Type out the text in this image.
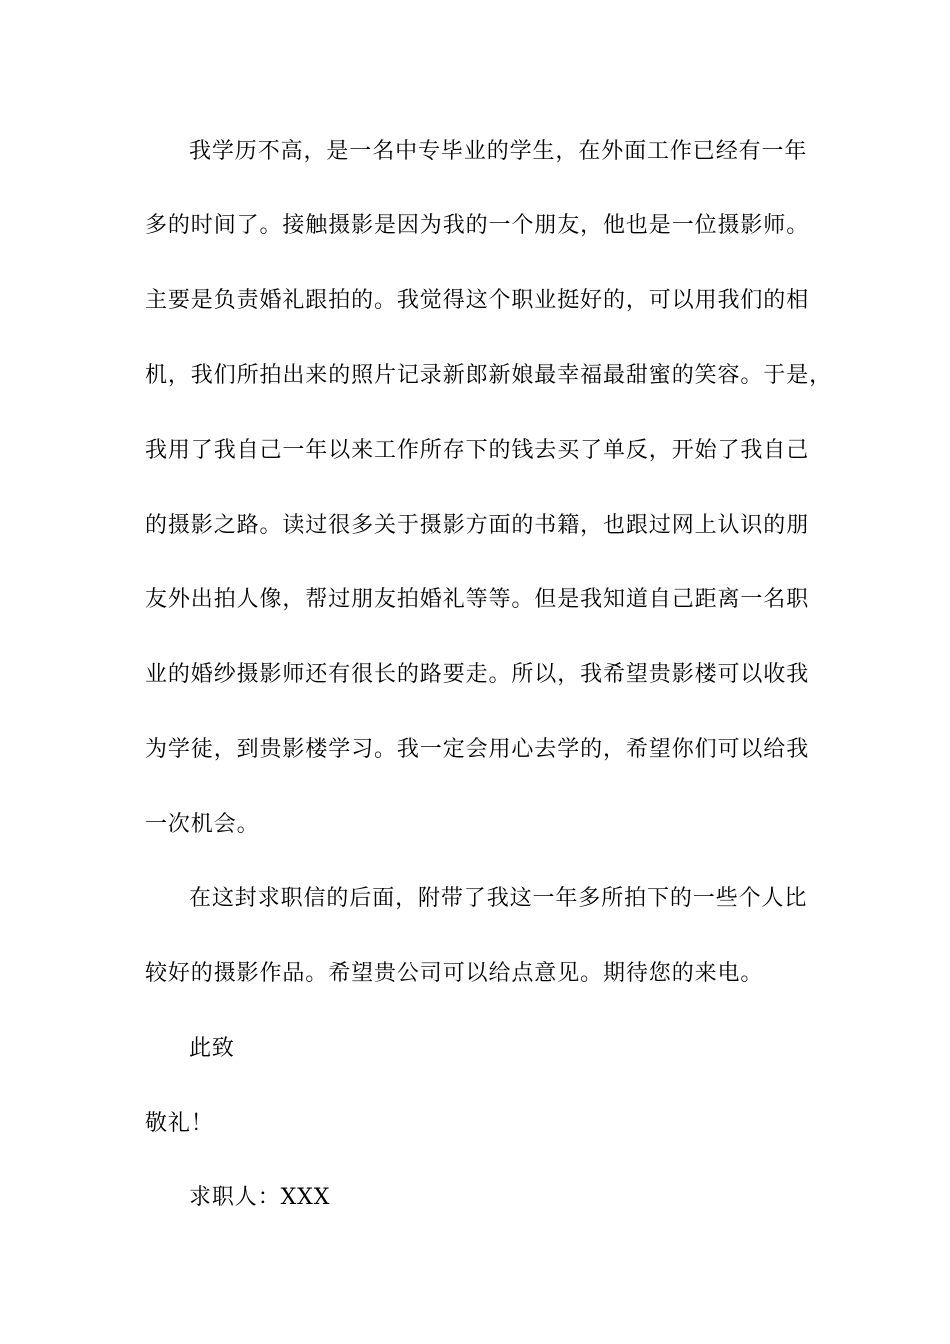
我学历不高，是一名中专毕业的学生，在外面工作已经有一年
多的时间了。接触摄影是因为我的一个朋友，他也是一位摄影师。
主要是负责婚礼跟拍的。我觉得这个职业挺好的，可以用我们的相
机，我们所拍出来的照片记录新郎新娘最幸福最甜蜜的笑容。于是，
我用了我自己一年以来工作所存下的钱去买了单反，开始了我自己
的摄影之路。读过很多关于摄影方面的书籍，也跟过网上认识的朋
友外出拍人像，帮过朋友拍婚礼等等。但是我知道自己距离一名职
业的婚纱摄影师还有很长的路要走。所以，我希望贵影楼可以收我
为学徒，到贵影楼学习。我一定会用心去学的，希望你们可以给我
一次机会。
在这封求职信的后面，附带了我这一年多所拍下的一些个人比
较好的摄影作品。希望贵公司可以给点意见。期待您的来电。
此致
敬礼！
求职人：XXX
